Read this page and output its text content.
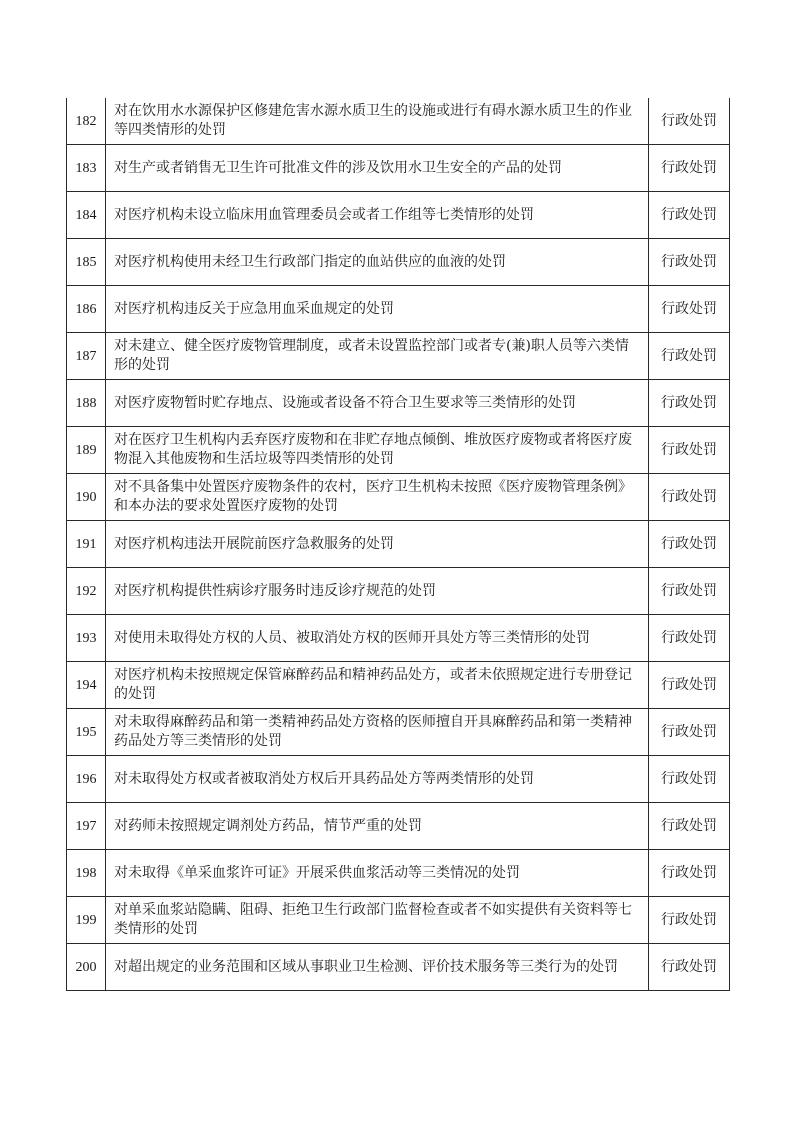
182	对在饮用水水源保护区修建危害水源水质卫生的设施或进行有碍水源水质卫生的作业等四类情形的处罚	行政处罚
183	对生产或者销售无卫生许可批准文件的涉及饮用水卫生安全的产品的处罚	行政处罚
184	对医疗机构未设立临床用血管理委员会或者工作组等七类情形的处罚	行政处罚
185	对医疗机构使用未经卫生行政部门指定的血站供应的血液的处罚	行政处罚
186	对医疗机构违反关于应急用血采血规定的处罚	行政处罚
187	对未建立、健全医疗废物管理制度，或者未设置监控部门或者专(兼)职人员等六类情形的处罚	行政处罚
188	对医疗废物暂时贮存地点、设施或者设备不符合卫生要求等三类情形的处罚	行政处罚
189	对在医疗卫生机构内丢弃医疗废物和在非贮存地点倾倒、堆放医疗废物或者将医疗废物混入其他废物和生活垃圾等四类情形的处罚	行政处罚
190	对不具备集中处置医疗废物条件的农村，医疗卫生机构未按照《医疗废物管理条例》和本办法的要求处置医疗废物的处罚	行政处罚
191	对医疗机构违法开展院前医疗急救服务的处罚	行政处罚
192	对医疗机构提供性病诊疗服务时违反诊疗规范的处罚	行政处罚
193	对使用未取得处方权的人员、被取消处方权的医师开具处方等三类情形的处罚	行政处罚
194	对医疗机构未按照规定保管麻醉药品和精神药品处方，或者未依照规定进行专册登记的处罚	行政处罚
195	对未取得麻醉药品和第一类精神药品处方资格的医师擅自开具麻醉药品和第一类精神药品处方等三类情形的处罚	行政处罚
196	对未取得处方权或者被取消处方权后开具药品处方等两类情形的处罚	行政处罚
197	对药师未按照规定调剂处方药品，情节严重的处罚	行政处罚
198	对未取得《单采血浆许可证》开展采供血浆活动等三类情况的处罚	行政处罚
199	对单采血浆站隐瞒、阻碍、拒绝卫生行政部门监督检查或者不如实提供有关资料等七类情形的处罚	行政处罚
200	对超出规定的业务范围和区域从事职业卫生检测、评价技术服务等三类行为的处罚	行政处罚
